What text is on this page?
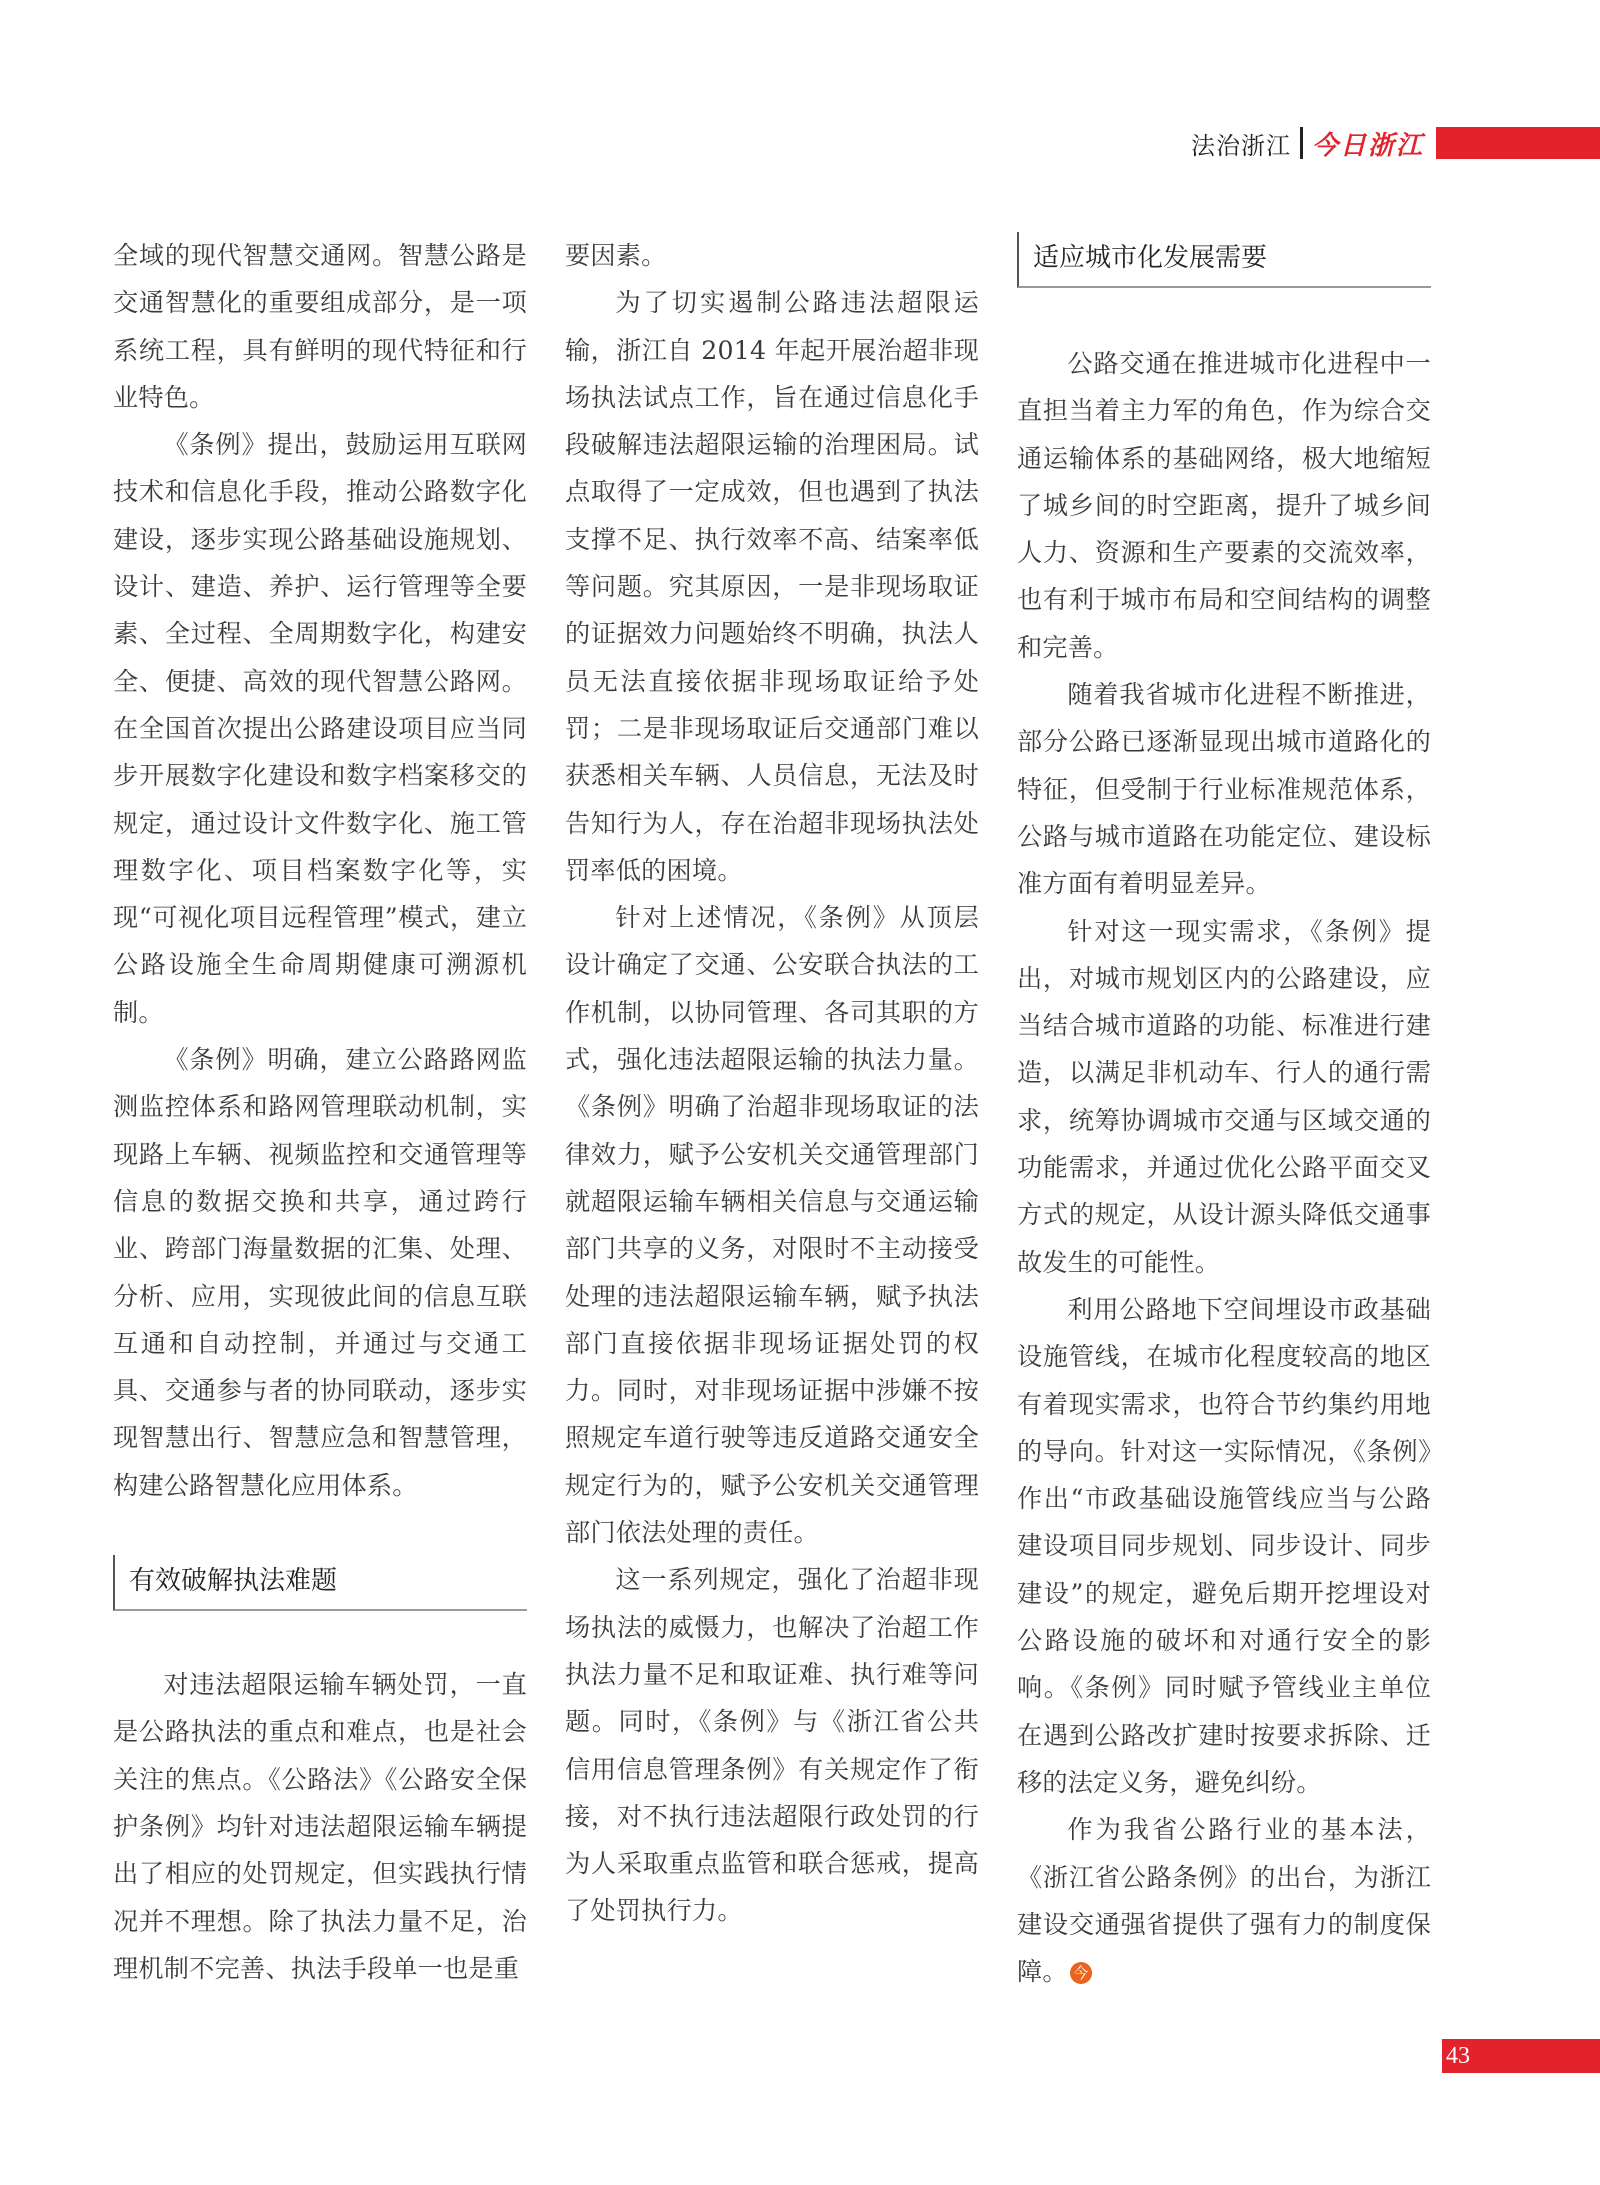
法治浙江 今日浙江

全域的现代智慧交通网。智慧公路是交通智慧化的重要组成部分，是一项系统工程，具有鲜明的现代特征和行业特色。

《条例》提出，鼓励运用互联网技术和信息化手段，推动公路数字化建设，逐步实现公路基础设施规划、设计、建造、养护、运行管理等全要素、全过程、全周期数字化，构建安全、便捷、高效的现代智慧公路网。在全国首次提出公路建设项目应当同步开展数字化建设和数字档案移交的规定，通过设计文件数字化、施工管理数字化、项目档案数字化等，实现“可视化项目远程管理”模式，建立公路设施全生命周期健康可溯源机制。

《条例》明确，建立公路路网监测监控体系和路网管理联动机制，实现路上车辆、视频监控和交通管理等信息的数据交换和共享，通过跨行业、跨部门海量数据的汇集、处理、分析、应用，实现彼此间的信息互联互通和自动控制，并通过与交通工具、交通参与者的协同联动，逐步实现智慧出行、智慧应急和智慧管理，构建公路智慧化应用体系。

有效破解执法难题

对违法超限运输车辆处罚，一直是公路执法的重点和难点，也是社会关注的焦点。《公路法》《公路安全保护条例》均针对违法超限运输车辆提出了相应的处罚规定，但实践执行情况并不理想。除了执法力量不足，治理机制不完善、执法手段单一也是重

要因素。

为了切实遏制公路违法超限运输，浙江自 2014 年起开展治超非现场执法试点工作，旨在通过信息化手段破解违法超限运输的治理困局。试点取得了一定成效，但也遇到了执法支撑不足、执行效率不高、结案率低等问题。究其原因，一是非现场取证的证据效力问题始终不明确，执法人员无法直接依据非现场取证给予处罚；二是非现场取证后交通部门难以获悉相关车辆、人员信息，无法及时告知行为人，存在治超非现场执法处罚率低的困境。

针对上述情况，《条例》从顶层设计确定了交通、公安联合执法的工作机制，以协同管理、各司其职的方式，强化违法超限运输的执法力量。《条例》明确了治超非现场取证的法律效力，赋予公安机关交通管理部门就超限运输车辆相关信息与交通运输部门共享的义务，对限时不主动接受处理的违法超限运输车辆，赋予执法部门直接依据非现场证据处罚的权力。同时，对非现场证据中涉嫌不按照规定车道行驶等违反道路交通安全规定行为的，赋予公安机关交通管理部门依法处理的责任。

这一系列规定，强化了治超非现场执法的威慑力，也解决了治超工作执法力量不足和取证难、执行难等问题。同时，《条例》与《浙江省公共信用信息管理条例》有关规定作了衔接，对不执行违法超限行政处罚的行为人采取重点监管和联合惩戒，提高了处罚执行力。

适应城市化发展需要

公路交通在推进城市化进程中一直担当着主力军的角色，作为综合交通运输体系的基础网络，极大地缩短了城乡间的时空距离，提升了城乡间人力、资源和生产要素的交流效率，也有利于城市布局和空间结构的调整和完善。

随着我省城市化进程不断推进，部分公路已逐渐显现出城市道路化的特征，但受制于行业标准规范体系，公路与城市道路在功能定位、建设标准方面有着明显差异。

针对这一现实需求，《条例》提出，对城市规划区内的公路建设，应当结合城市道路的功能、标准进行建造，以满足非机动车、行人的通行需求，统筹协调城市交通与区域交通的功能需求，并通过优化公路平面交叉方式的规定，从设计源头降低交通事故发生的可能性。

利用公路地下空间埋设市政基础设施管线，在城市化程度较高的地区有着现实需求，也符合节约集约用地的导向。针对这一实际情况，《条例》作出“市政基础设施管线应当与公路建设项目同步规划、同步设计、同步建设”的规定，避免后期开挖埋设对公路设施的破坏和对通行安全的影响。《条例》同时赋予管线业主单位在遇到公路改扩建时按要求拆除、迁移的法定义务，避免纠纷。

作为我省公路行业的基本法，《浙江省公路条例》的出台，为浙江建设交通强省提供了强有力的制度保障。 今

43
